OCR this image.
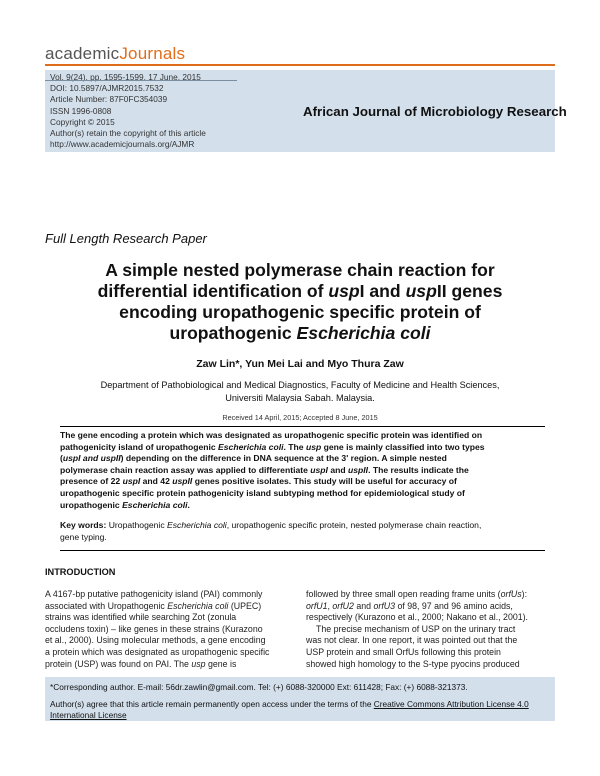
academicJournals
Vol. 9(24), pp. 1595-1599, 17 June, 2015
DOI: 10.5897/AJMR2015.7532
Article Number: 87F0FC354039
ISSN 1996-0808
Copyright © 2015
Author(s) retain the copyright of this article
http://www.academicjournals.org/AJMR
African Journal of Microbiology Research
Full Length Research Paper
A simple nested polymerase chain reaction for
differential identification of uspI and uspII genes
encoding uropathogenic specific protein of
uropathogenic Escherichia coli
Zaw Lin*, Yun Mei Lai and Myo Thura Zaw
Department of Pathobiological and Medical Diagnostics, Faculty of Medicine and Health Sciences,
Universiti Malaysia Sabah. Malaysia.
Received 14 April, 2015; Accepted 8 June, 2015
The gene encoding a protein which was designated as uropathogenic specific protein was identified on
pathogenicity island of uropathogenic Escherichia coli. The usp gene is mainly classified into two types
(uspI and uspII) depending on the difference in DNA sequence at the 3' region. A simple nested
polymerase chain reaction assay was applied to differentiate uspI and uspII. The results indicate the
presence of 22 uspI and 42 uspII genes positive isolates. This study will be useful for accuracy of
uropathogenic specific protein pathogenicity island subtyping method for epidemiological study of
uropathogenic Escherichia coli.
Key words: Uropathogenic Escherichia coli, uropathogenic specific protein, nested polymerase chain reaction,
gene typing.
INTRODUCTION
A 4167-bp putative pathogenicity island (PAI) commonly
associated with Uropathogenic Escherichia coli (UPEC)
strains was identified while searching Zot (zonula
occludens toxin) – like genes in these strains (Kurazono
et al., 2000). Using molecular methods, a gene encoding
a protein which was designated as uropathogenic specific
protein (USP) was found on PAI. The usp gene is
followed by three small open reading frame units (orfUs):
orfU1, orfU2 and orfU3 of 98, 97 and 96 amino acids,
respectively (Kurazono et al., 2000; Nakano et al., 2001).
The precise mechanism of USP on the urinary tract
was not clear. In one report, it was pointed out that the
USP protein and small OrfUs following this protein
showed high homology to the S-type pyocins produced
*Corresponding author. E-mail: 56dr.zawlin@gmail.com. Tel: (+) 6088-320000 Ext: 611428; Fax: (+) 6088-321373.
Author(s) agree that this article remain permanently open access under the terms of the Creative Commons Attribution License 4.0
International License
